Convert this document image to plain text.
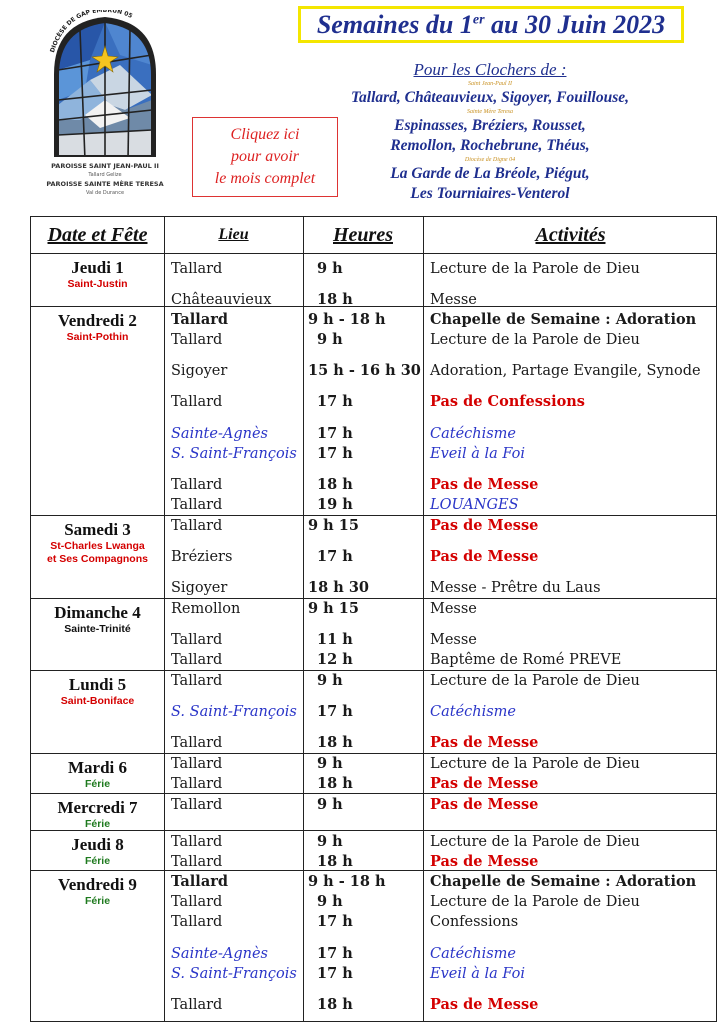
DIOCÈSE DE GAP EMBRUN 05
PAROISSE SAINT JEAN-PAUL II
Tallard Gelize
PAROISSE SAINTE MÈRE TERESA
Val de Durance
Semaines du 1er au 30 Juin 2023
Cliquez ici
pour avoir
le mois complet
Pour les Clochers de :
Saint Jean-Paul II
Tallard, Châteauvieux, Sigoyer, Fouillouse,
Sainte Mère Teresa
Espinasses, Bréziers, Rousset,
Remollon, Rochebrune, Théus,
Diocèse de Digne 04
La Garde de La Bréole, Piégut,
Les Tourniaires-Venterol
Date et Fête	Lieu	Heures	Activités
Jeudi 1
Saint-Justin
Tallard	9 h	Lecture de la Parole de Dieu
Châteauvieux	18 h	Messe
Vendredi 2
Saint-Pothin
Tallard	9 h - 18 h	Chapelle de Semaine : Adoration
Tallard	9 h	Lecture de la Parole de Dieu
Sigoyer	15 h - 16 h 30 Adoration, Partage Evangile, Synode
Tallard	17 h	Pas de Confessions
Sainte-Agnès	17 h	Catéchisme
S. Saint-François 17 h	Eveil à la Foi
Tallard	18 h	Pas de Messe
Tallard	19 h	LOUANGES
Samedi 3
St-Charles Lwanga
et Ses Compagnons
Tallard	9 h 15	Pas de Messe
Bréziers	17 h	Pas de Messe
Sigoyer	18 h 30	Messe - Prêtre du Laus
Dimanche 4
Sainte-Trinité
Remollon	9 h 15	Messe
Tallard	11 h	Messe
Tallard	12 h	Baptême de Romé PREVE
Lundi 5
Saint-Boniface
Tallard	9 h	Lecture de la Parole de Dieu
S. Saint-François 17 h	Catéchisme
Tallard	18 h	Pas de Messe
Mardi 6
Férie
Tallard	9 h	Lecture de la Parole de Dieu
Tallard	18 h	Pas de Messe
Mercredi 7
Férie
Tallard	9 h	Pas de Messe
Jeudi 8
Férie
Tallard	9 h	Lecture de la Parole de Dieu
Tallard	18 h	Pas de Messe
Vendredi 9
Férie
Tallard	9 h - 18 h	Chapelle de Semaine : Adoration
Tallard	9 h	Lecture de la Parole de Dieu
Tallard	17 h	Confessions
Sainte-Agnès	17 h	Catéchisme
S. Saint-François 17 h	Eveil à la Foi
Tallard	18 h	Pas de Messe
